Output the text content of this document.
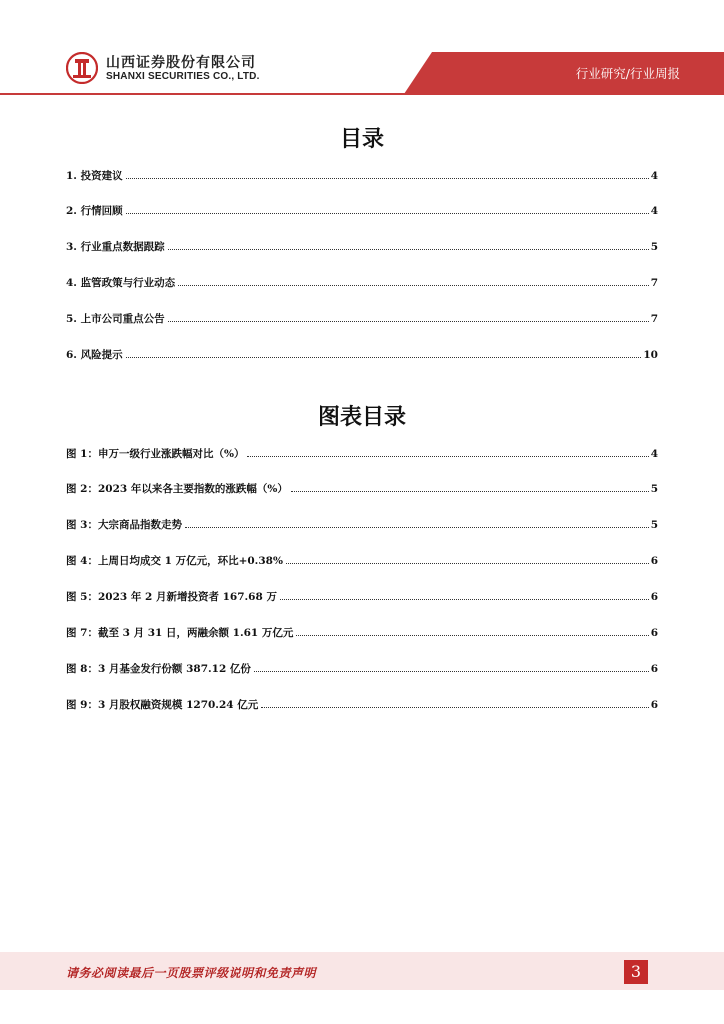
山西证券股份有限公司
SHANXI SECURITIES CO., LTD.	行业研究/行业周报
目录
1. 投资建议	4
2. 行情回顾	4
3. 行业重点数据跟踪	5
4. 监管政策与行业动态	7
5. 上市公司重点公告	7
6. 风险提示	10
图表目录
图 1：申万一级行业涨跌幅对比（%）	4
图 2：2023 年以来各主要指数的涨跌幅（%）	5
图 3：大宗商品指数走势	5
图 4：上周日均成交 1 万亿元，环比+0.38%	6
图 5：2023 年 2 月新增投资者 167.68 万	6
图 7：截至 3 月 31 日，两融余额 1.61 万亿元	6
图 8：3 月基金发行份额 387.12 亿份	6
图 9：3 月股权融资规模 1270.24 亿元	6
请务必阅读最后一页股票评级说明和免责声明	3
